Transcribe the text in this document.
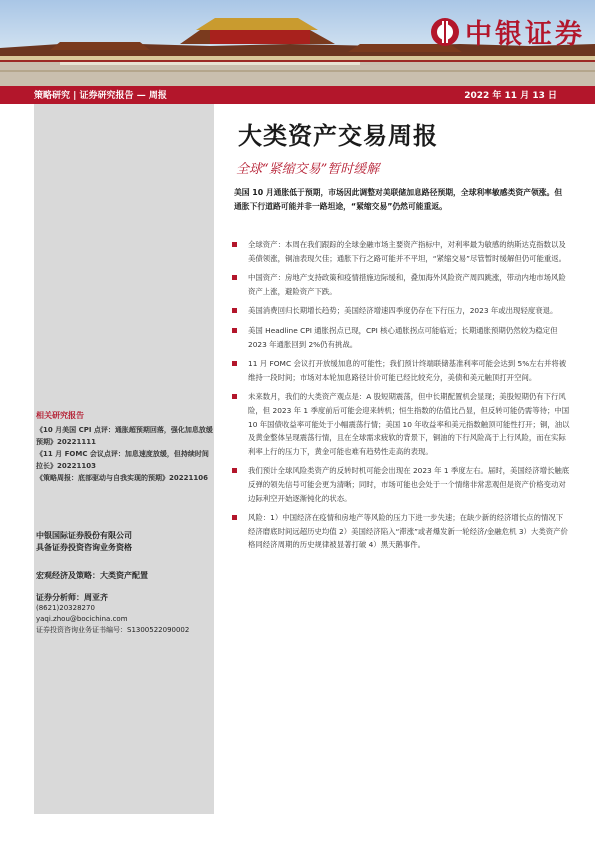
中银证券
策略研究 | 证券研究报告 — 周报	2022 年 11 月 13 日
相关研究报告
《10 月美国 CPI 点评：通胀超预期回落，强化加息放缓预期》20221111
《11 月 FOMC 会议点评：加息速度放缓，但持续时间拉长》20221103
《策略周报：底部驱动与自我实现的预期》20221106
中银国际证券股份有限公司
具备证券投资咨询业务资格
宏观经济及策略：大类资产配置
证券分析师：周亚齐
(8621)20328270
yaqi.zhou@bocichina.com
证券投资咨询业务证书编号：S1300522090002
大类资产交易周报
全球“紧缩交易”暂时缓解
美国 10 月通胀低于预期，市场因此调整对美联储加息路径预期，全球利率敏感类资产领涨。但通胀下行道路可能并非一路坦途，“紧缩交易”仍然可能重返。
全球资产：本周在我们跟踪的全球金融市场主要资产指标中，对利率最为敏感的纳斯达克指数以及美债领涨，铜油表现欠佳；通胀下行之路可能并不平坦，“紧缩交易”尽管暂时缓解但仍可能重返。
中国资产：房地产支持政策和疫情措施边际缓和，叠加海外风险资产周四跳涨，带动内地市场风险资产上涨，避险资产下跌。
美国消费回归长期增长趋势；美国经济增速四季度仍存在下行压力，2023 年或出现轻度衰退。
美国 Headline CPI 通胀拐点已现，CPI 核心通胀拐点可能临近；长期通胀预期仍然较为稳定但 2023 年通胀回到 2%仍有挑战。
11 月 FOMC 会议打开放缓加息的可能性；我们预计终端联储基准利率可能会达到 5%左右并将被维持一段时间；市场对本轮加息路径计价可能已经比较充分，美债和美元触顶打开空间。
未来数月，我们的大类资产观点是：A 股短期震荡，但中长期配置机会显现；美股短期仍有下行风险，但 2023 年 1 季度前后可能会迎来转机；恒生指数的估值比凸显，但反转可能仍需等待；中国 10 年国债收益率可能处于小幅震荡行情；美国 10 年收益率和美元指数触顶可能性打开；铜，油以及黄金整体呈现震荡行情，且在全球需求疲软的背景下，铜油的下行风险高于上行风险，而在实际利率上行的压力下，黄金可能也难有趋势性走高的表现。
我们预计全球风险类资产的反转时机可能会出现在 2023 年 1 季度左右。届时，美国经济增长触底反弹的领先信号可能会更为清晰；同时，市场可能也会处于一个情绪非常悲观但是资产价格变动对边际利空开始逐渐钝化的状态。
风险：1）中国经济在疫情和房地产等风险的压力下进一步失速；在缺少新的经济增长点的情况下经济磨底时间远超历史均值 2）美国经济陷入“滞涨”或者爆发新一轮经济/金融危机 3）大类资产价格同经济周期的历史规律被显著打破 4）黑天鹅事件。
